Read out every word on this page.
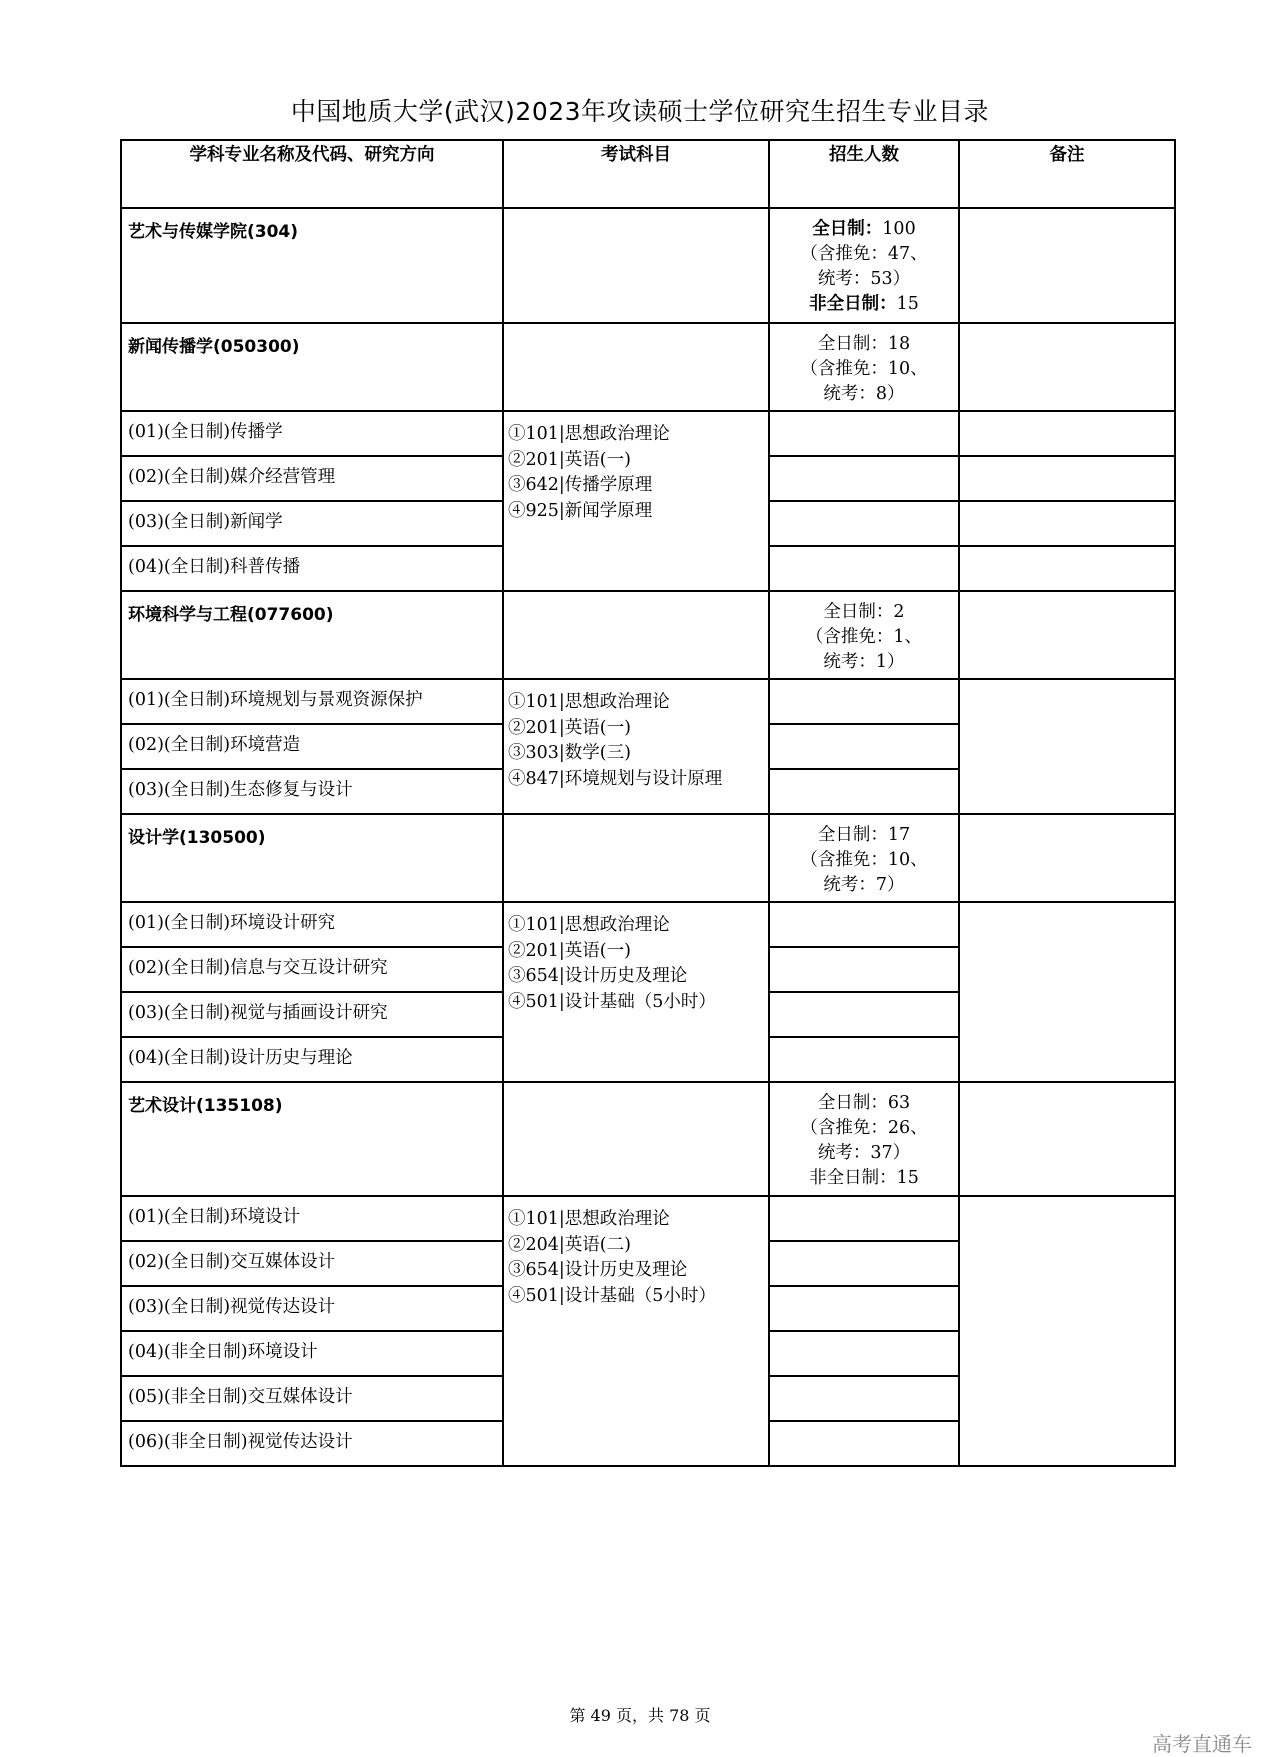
中国地质大学(武汉)2023年攻读硕士学位研究生招生专业目录
学科专业名称及代码、研究方向	考试科目	招生人数	备注
艺术与传媒学院(304)		全日制：100
（含推免：47、
统考：53）
非全日制：15	

新闻传播学(050300)		全日制：18
（含推免：10、
统考：8）	

(01)(全日制)传播学	①101|思想政治理论
②201|英语(一)
③642|传播学原理
④925|新闻学原理		

(02)(全日制)媒介经营管理			
(03)(全日制)新闻学			
(04)(全日制)科普传播			
环境科学与工程(077600)		全日制：2
（含推免：1、
统考：1）	

(01)(全日制)环境规划与景观资源保护	①101|思想政治理论
②201|英语(一)
③303|数学(三)
④847|环境规划与设计原理		

(02)(全日制)环境营造			
(03)(全日制)生态修复与设计			
设计学(130500)		全日制：17
（含推免：10、
统考：7）	

(01)(全日制)环境设计研究	①101|思想政治理论
②201|英语(一)
③654|设计历史及理论
④501|设计基础（5小时）		

(02)(全日制)信息与交互设计研究			
(03)(全日制)视觉与插画设计研究			
(04)(全日制)设计历史与理论			
艺术设计(135108)		全日制：63
（含推免：26、
统考：37）
非全日制：15	

(01)(全日制)环境设计	①101|思想政治理论
②204|英语(二)
③654|设计历史及理论
④501|设计基础（5小时）		

(02)(全日制)交互媒体设计			
(03)(全日制)视觉传达设计			
(04)(非全日制)环境设计			
(05)(非全日制)交互媒体设计			
(06)(非全日制)视觉传达设计			
第 49 页，共 78 页
高考直通车
